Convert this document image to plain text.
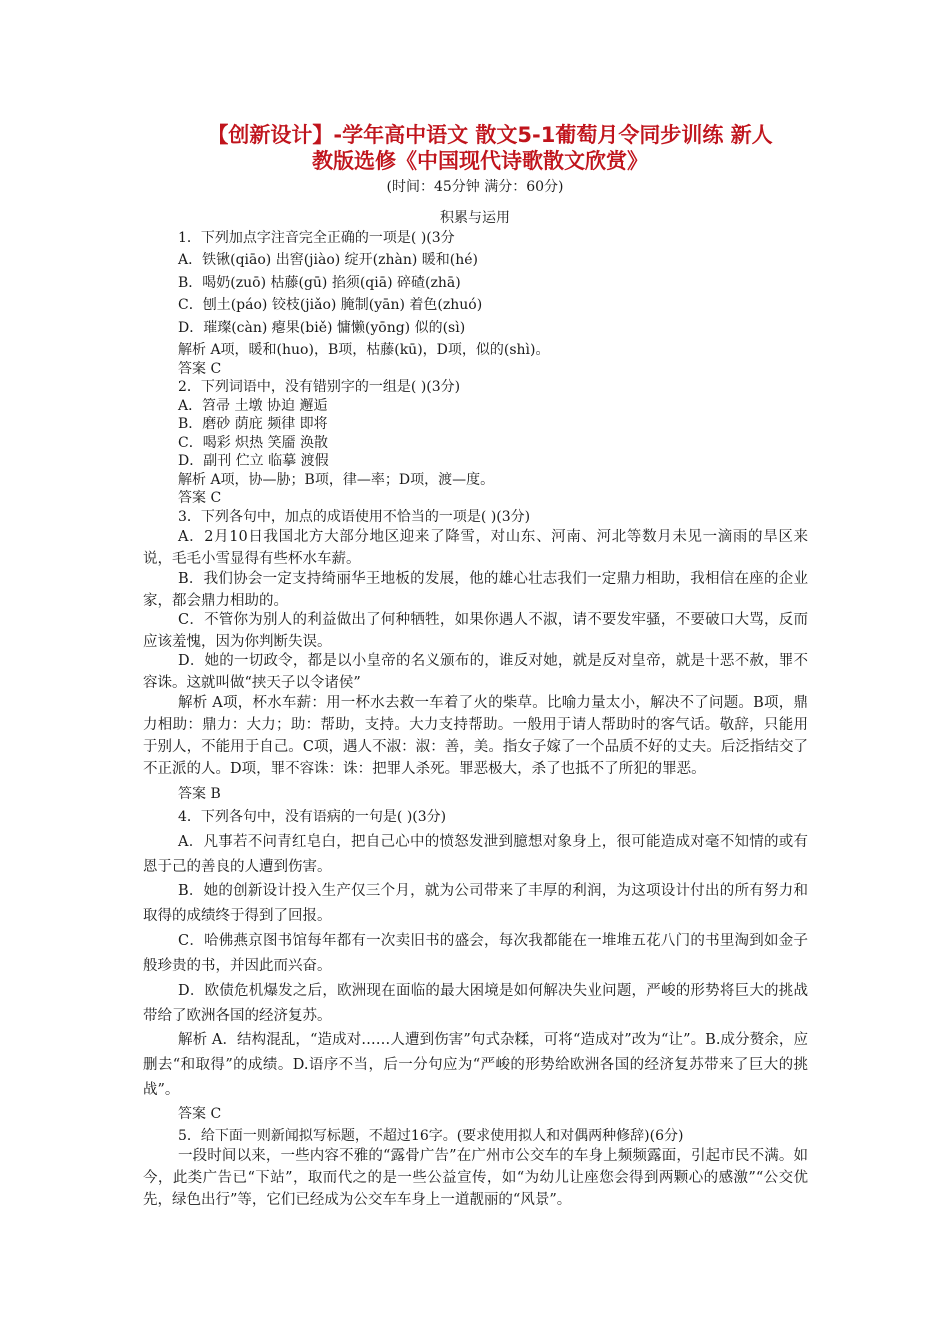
【创新设计】-学年高中语文 散文5-1葡萄月令同步训练 新人
教版选修《中国现代诗歌散文欣赏》
(时间：45分钟 满分：60分)
积累与运用
1．下列加点字注音完全正确的一项是( )(3分
A．铁锹(qiāo) 出窖(jiào) 绽开(zhàn) 暖和(hé)
B．喝奶(zuō) 枯藤(gū) 掐须(qiā) 碎碴(zhā)
C．刨土(páo) 铰枝(jiǎo) 腌制(yān) 着色(zhuó)
D．璀璨(càn) 瘪果(biě) 慵懒(yōng) 似的(sì)
解析 A项，暖和(huo)，B项，枯藤(kū)，D项，似的(shì)。
答案 C
2．下列词语中，没有错别字的一组是( )(3分)
A．笤帚 土墩 协迫 邂逅
B．磨砂 荫庇 频律 即将
C．喝彩 炽热 笑靥 涣散
D．副刊 伫立 临摹 渡假
解析 A项，协—胁；B项，律—率；D项，渡—度。
答案 C
3．下列各句中，加点的成语使用不恰当的一项是( )(3分)
A．2月10日我国北方大部分地区迎来了降雪，对山东、河南、河北等数月未见一滴雨的旱区来说，毛毛小雪显得有些杯水车薪。
B．我们协会一定支持绮丽华王地板的发展，他的雄心壮志我们一定鼎力相助，我相信在座的企业家，都会鼎力相助的。
C．不管你为别人的利益做出了何种牺牲，如果你遇人不淑，请不要发牢骚，不要破口大骂，反而应该羞愧，因为你判断失误。
D．她的一切政令，都是以小皇帝的名义颁布的，谁反对她，就是反对皇帝，就是十恶不赦，罪不容诛。这就叫做“挟天子以令诸侯”
解析 A项，杯水车薪：用一杯水去救一车着了火的柴草。比喻力量太小，解决不了问题。B项，鼎力相助：鼎力：大力；助：帮助，支持。大力支持帮助。一般用于请人帮助时的客气话。敬辞，只能用于别人，不能用于自己。C项，遇人不淑：淑：善，美。指女子嫁了一个品质不好的丈夫。后泛指结交了不正派的人。D项，罪不容诛：诛：把罪人杀死。罪恶极大，杀了也抵不了所犯的罪恶。
答案 B
4．下列各句中，没有语病的一句是( )(3分)
A．凡事若不问青红皂白，把自己心中的愤怒发泄到臆想对象身上，很可能造成对毫不知情的或有恩于己的善良的人遭到伤害。
B．她的创新设计投入生产仅三个月，就为公司带来了丰厚的利润，为这项设计付出的所有努力和取得的成绩终于得到了回报。
C．哈佛燕京图书馆每年都有一次卖旧书的盛会，每次我都能在一堆堆五花八门的书里淘到如金子般珍贵的书，并因此而兴奋。
D．欧债危机爆发之后，欧洲现在面临的最大困境是如何解决失业问题，严峻的形势将巨大的挑战带给了欧洲各国的经济复苏。
解析 A．结构混乱，“造成对……人遭到伤害”句式杂糅，可将“造成对”改为“让”。B.成分赘余，应删去“和取得”的成绩。D.语序不当，后一分句应为“严峻的形势给欧洲各国的经济复苏带来了巨大的挑战”。
答案 C
5．给下面一则新闻拟写标题，不超过16字。(要求使用拟人和对偶两种修辞)(6分)
一段时间以来，一些内容不雅的“露骨广告”在广州市公交车的车身上频频露面，引起市民不满。如今，此类广告已“下站”，取而代之的是一些公益宣传，如“为幼儿让座您会得到两颗心的感激”“公交优先，绿色出行”等，它们已经成为公交车车身上一道靓丽的“风景”。
